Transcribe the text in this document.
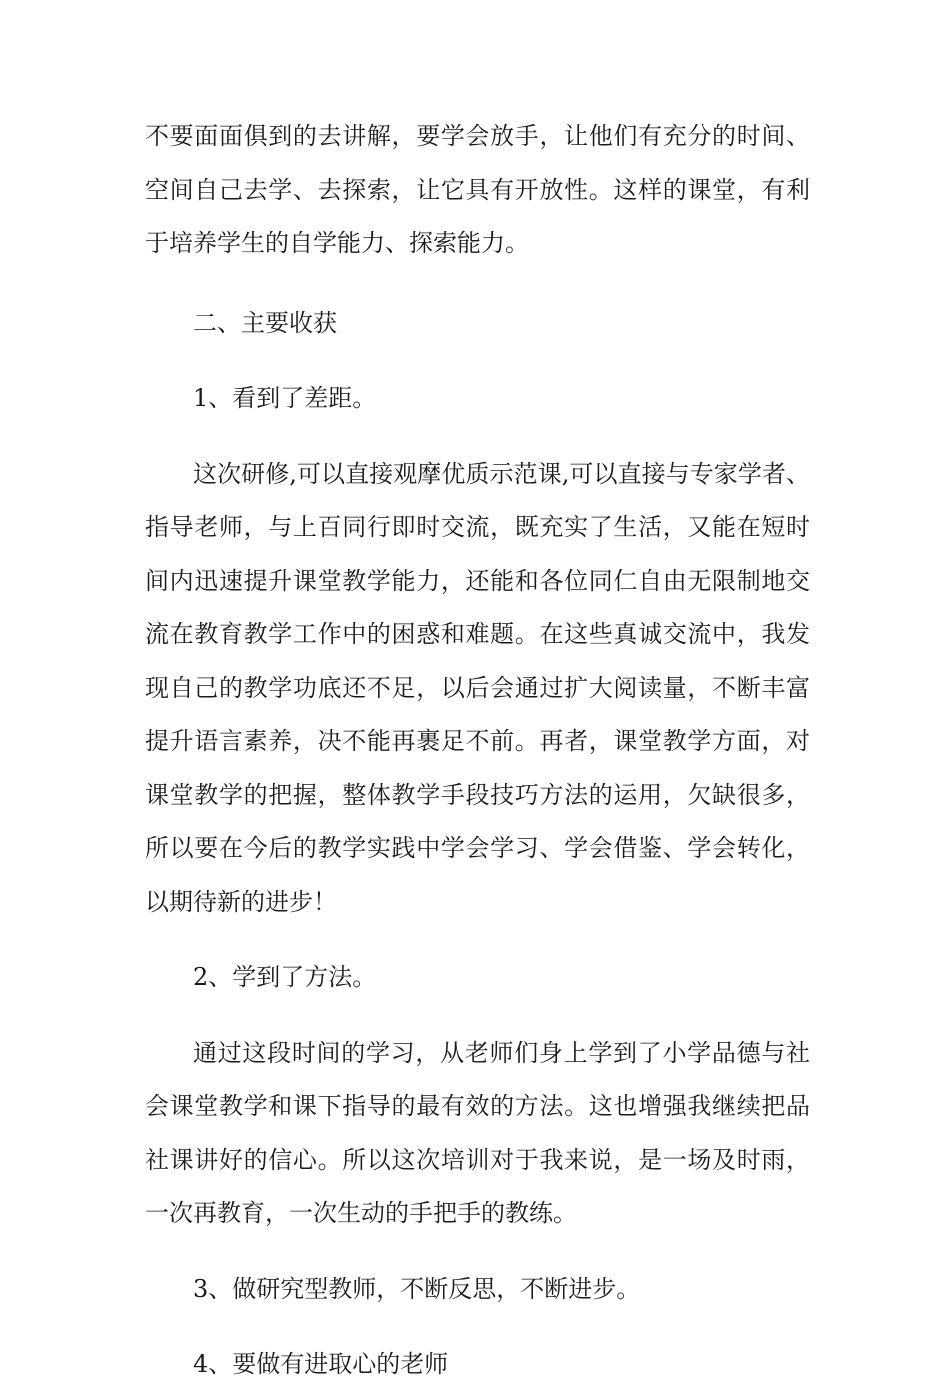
不要面面俱到的去讲解，要学会放手，让他们有充分的时间、空间自己去学、去探索，让它具有开放性。这样的课堂，有利于培养学生的自学能力、探索能力。

二、主要收获

1、看到了差距。

这次研修,可以直接观摩优质示范课,可以直接与专家学者、指导老师，与上百同行即时交流，既充实了生活，又能在短时间内迅速提升课堂教学能力，还能和各位同仁自由无限制地交流在教育教学工作中的困惑和难题。在这些真诚交流中，我发现自己的教学功底还不足，以后会通过扩大阅读量，不断丰富提升语言素养，决不能再裹足不前。再者，课堂教学方面，对课堂教学的把握，整体教学手段技巧方法的运用，欠缺很多，所以要在今后的教学实践中学会学习、学会借鉴、学会转化，以期待新的进步！

2、学到了方法。

通过这段时间的学习，从老师们身上学到了小学品德与社会课堂教学和课下指导的最有效的方法。这也增强我继续把品社课讲好的信心。所以这次培训对于我来说，是一场及时雨，一次再教育，一次生动的手把手的教练。

3、做研究型教师，不断反思，不断进步。

4、要做有进取心的老师
